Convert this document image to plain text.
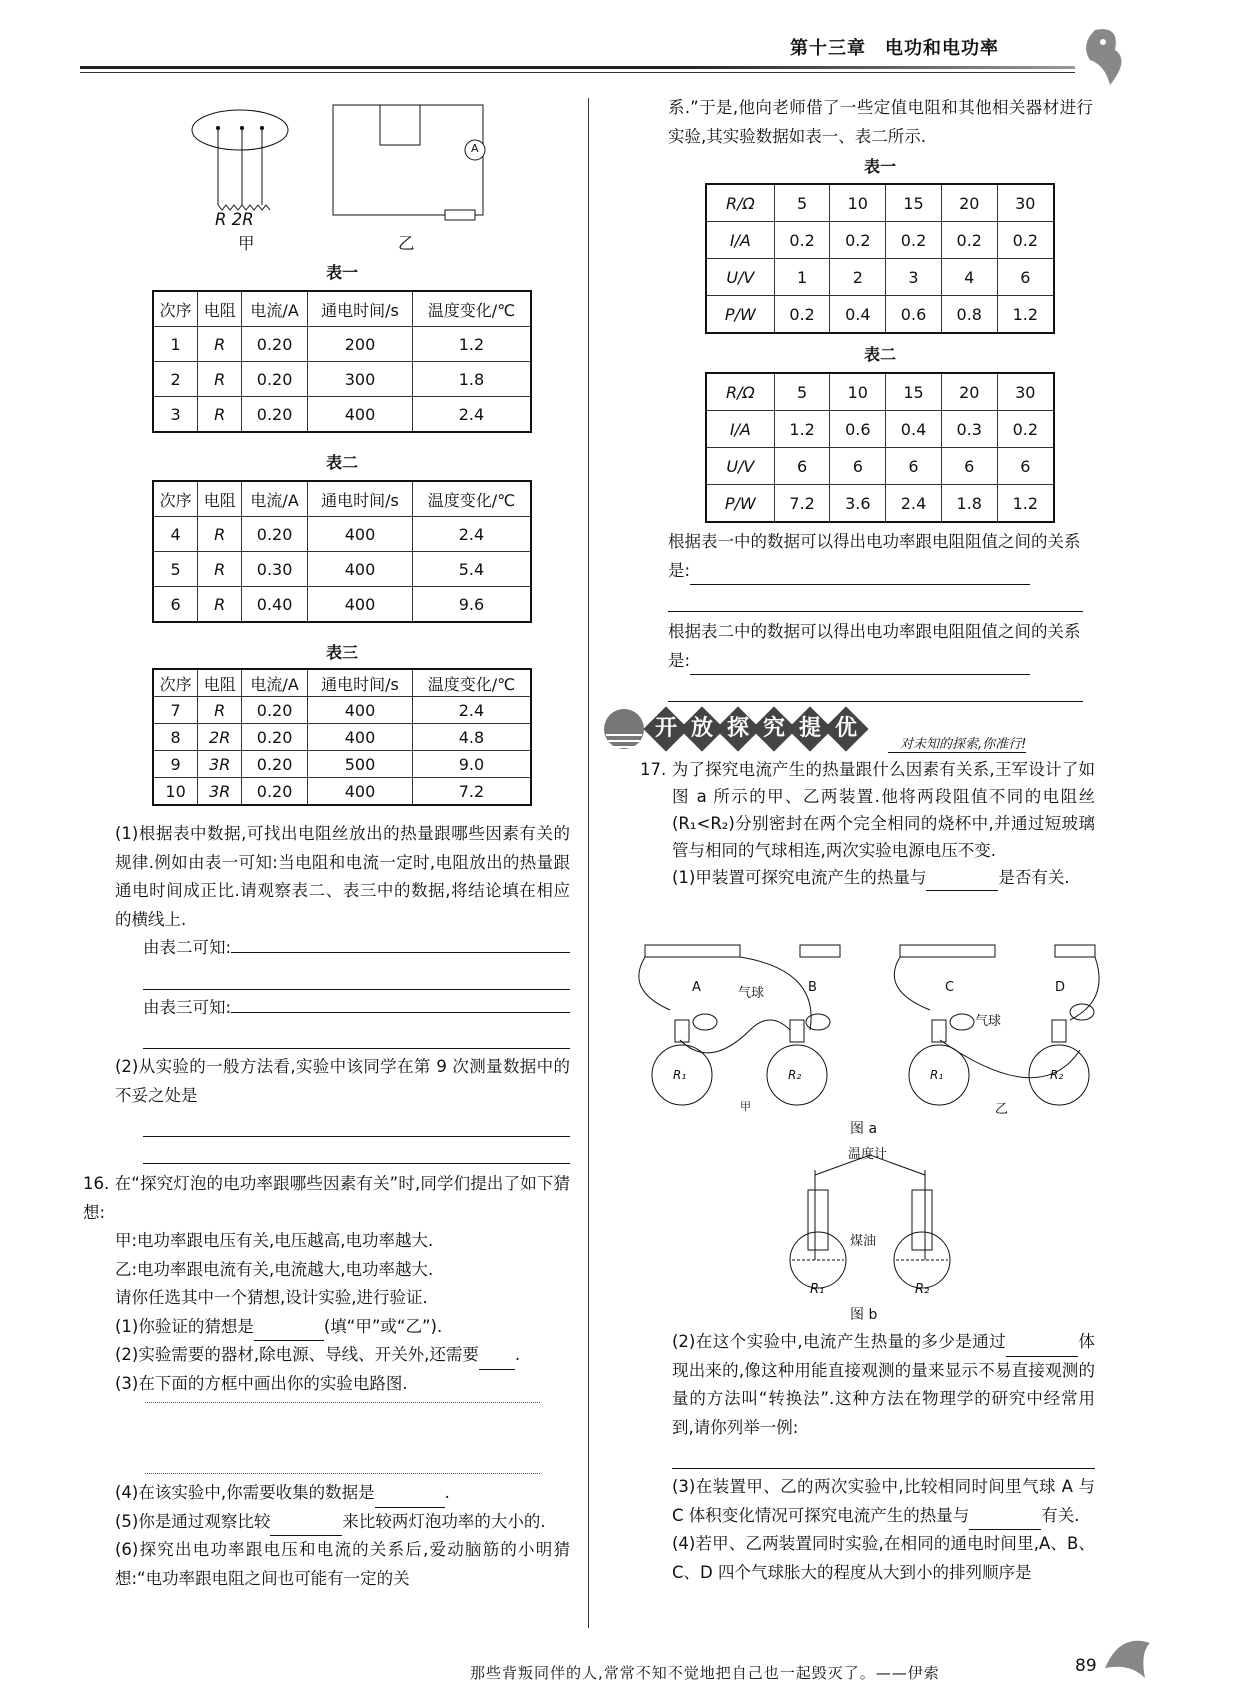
第十三章　电功和电功率
R 2R
甲	乙
A
表一
次序	电阻	电流/A	通电时间/s	温度变化/℃
1	R	0.20	200	1.2
2	R	0.20	300	1.8
3	R	0.20	400	2.4
表二
次序	电阻	电流/A	通电时间/s	温度变化/℃
4	R	0.20	400	2.4
5	R	0.30	400	5.4
6	R	0.40	400	9.6
表三
次序	电阻	电流/A	通电时间/s	温度变化/℃
7	R	0.20	400	2.4
8	2R	0.20	400	4.8
9	3R	0.20	500	9.0
10	3R	0.20	400	7.2
(1)根据表中数据,可找出电阻丝放出的热量跟哪些因素有关的规律.例如由表一可知:当电阻和电流一定时,电阻放出的热量跟通电时间成正比.请观察表二、表三中的数据,将结论填在相应的横线上.
由表二可知:
由表三可知:
(2)从实验的一般方法看,实验中该同学在第 9 次测量数据中的不妥之处是
16. 在“探究灯泡的电功率跟哪些因素有关”时,同学们提出了如下猜想:
甲:电功率跟电压有关,电压越高,电功率越大.
乙:电功率跟电流有关,电流越大,电功率越大.
请你任选其中一个猜想,设计实验,进行验证.
(1)你验证的猜想是	(填“甲”或“乙”).
(2)实验需要的器材,除电源、导线、开关外,还需要 .
(3)在下面的方框中画出你的实验电路图.
(4)在该实验中,你需要收集的数据是	.
(5)你是通过观察比较	来比较两灯泡功率的大小的.
(6)探究出电功率跟电压和电流的关系后,爱动脑筋的小明猜想:“电功率跟电阻之间也可能有一定的关
系.”于是,他向老师借了一些定值电阻和其他相关器材进行实验,其实验数据如表一、表二所示.
表一
R/Ω	5	10	15	20	30
I/A	0.2	0.2	0.2	0.2	0.2
U/V	1	2	3	4	6
P/W	0.2	0.4	0.6	0.8	1.2
表二
R/Ω	5	10	15	20	30
I/A	1.2	0.6	0.4	0.3	0.2
U/V	6	6	6	6	6
P/W	7.2	3.6	2.4	1.8	1.2
根据表一中的数据可以得出电功率跟电阻阻值之间的关系是:
根据表二中的数据可以得出电功率跟电阻阻值之间的关系是:
开 放 探 究 提 优
对未知的探索,你准行!
17. 为了探究电流产生的热量跟什么因素有关系,王军设计了如图 a 所示的甲、乙两装置.他将两段阻值不同的电阻丝(R₁<R₂)分别密封在两个完全相同的烧杯中,并通过短玻璃管与相同的气球相连,两次实验电源电压不变.
(1)甲装置可探究电流产生的热量与	是否有关.
A	气球	B	C
气球
D
R₁	R₂	R₁	R₂
甲	乙
图 a
温度计
煤油
R₁	R₂
图 b
(2)在这个实验中,电流产生热量的多少是通过	体现出来的,像这种用能直接观测的量来显示不易直接观测的量的方法叫“转换法”.这种方法在物理学的研究中经常用到,请你列举一例:
(3)在装置甲、乙的两次实验中,比较相同时间里气球 A 与 C 体积变化情况可探究电流产生的热量与	有关.
(4)若甲、乙两装置同时实验,在相同的通电时间里,A、B、C、D 四个气球胀大的程度从大到小的排列顺序是
那些背叛同伴的人,常常不知不觉地把自己也一起毁灭了。——伊索	89
